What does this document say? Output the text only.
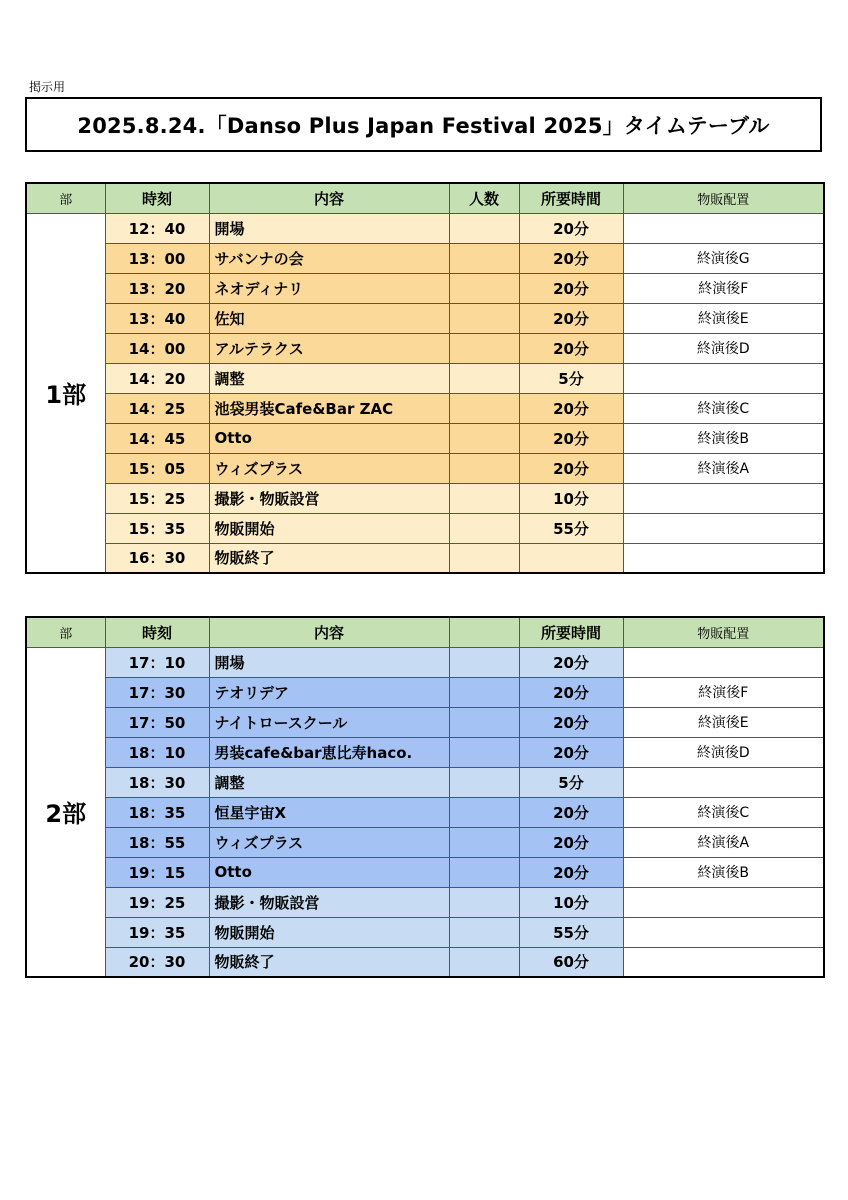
掲示用
2025.8.24.「Danso Plus Japan Festival 2025」タイムテーブル
部	時刻	内容	人数	所要時間	物販配置
1部	12：40	開場		20分	
	13：00	サバンナの会		20分	終演後G
	13：20	ネオディナリ		20分	終演後F
	13：40	佐知		20分	終演後E
	14：00	アルテラクス		20分	終演後D
	14：20	調整		5分	
	14：25	池袋男装Cafe&Bar ZAC		20分	終演後C
	14：45	Otto		20分	終演後B
	15：05	ウィズプラス		20分	終演後A
	15：25	撮影・物販設営		10分	
	15：35	物販開始		55分	
	16：30	物販終了			
部	時刻	内容		所要時間	物販配置
2部	17：10	開場		20分	
	17：30	テオリデア		20分	終演後F
	17：50	ナイトロースクール		20分	終演後E
	18：10	男装cafe&bar恵比寿haco.		20分	終演後D
	18：30	調整		5分	
	18：35	恒星宇宙X		20分	終演後C
	18：55	ウィズプラス		20分	終演後A
	19：15	Otto		20分	終演後B
	19：25	撮影・物販設営		10分	
	19：35	物販開始		55分	
	20：30	物販終了		60分	
